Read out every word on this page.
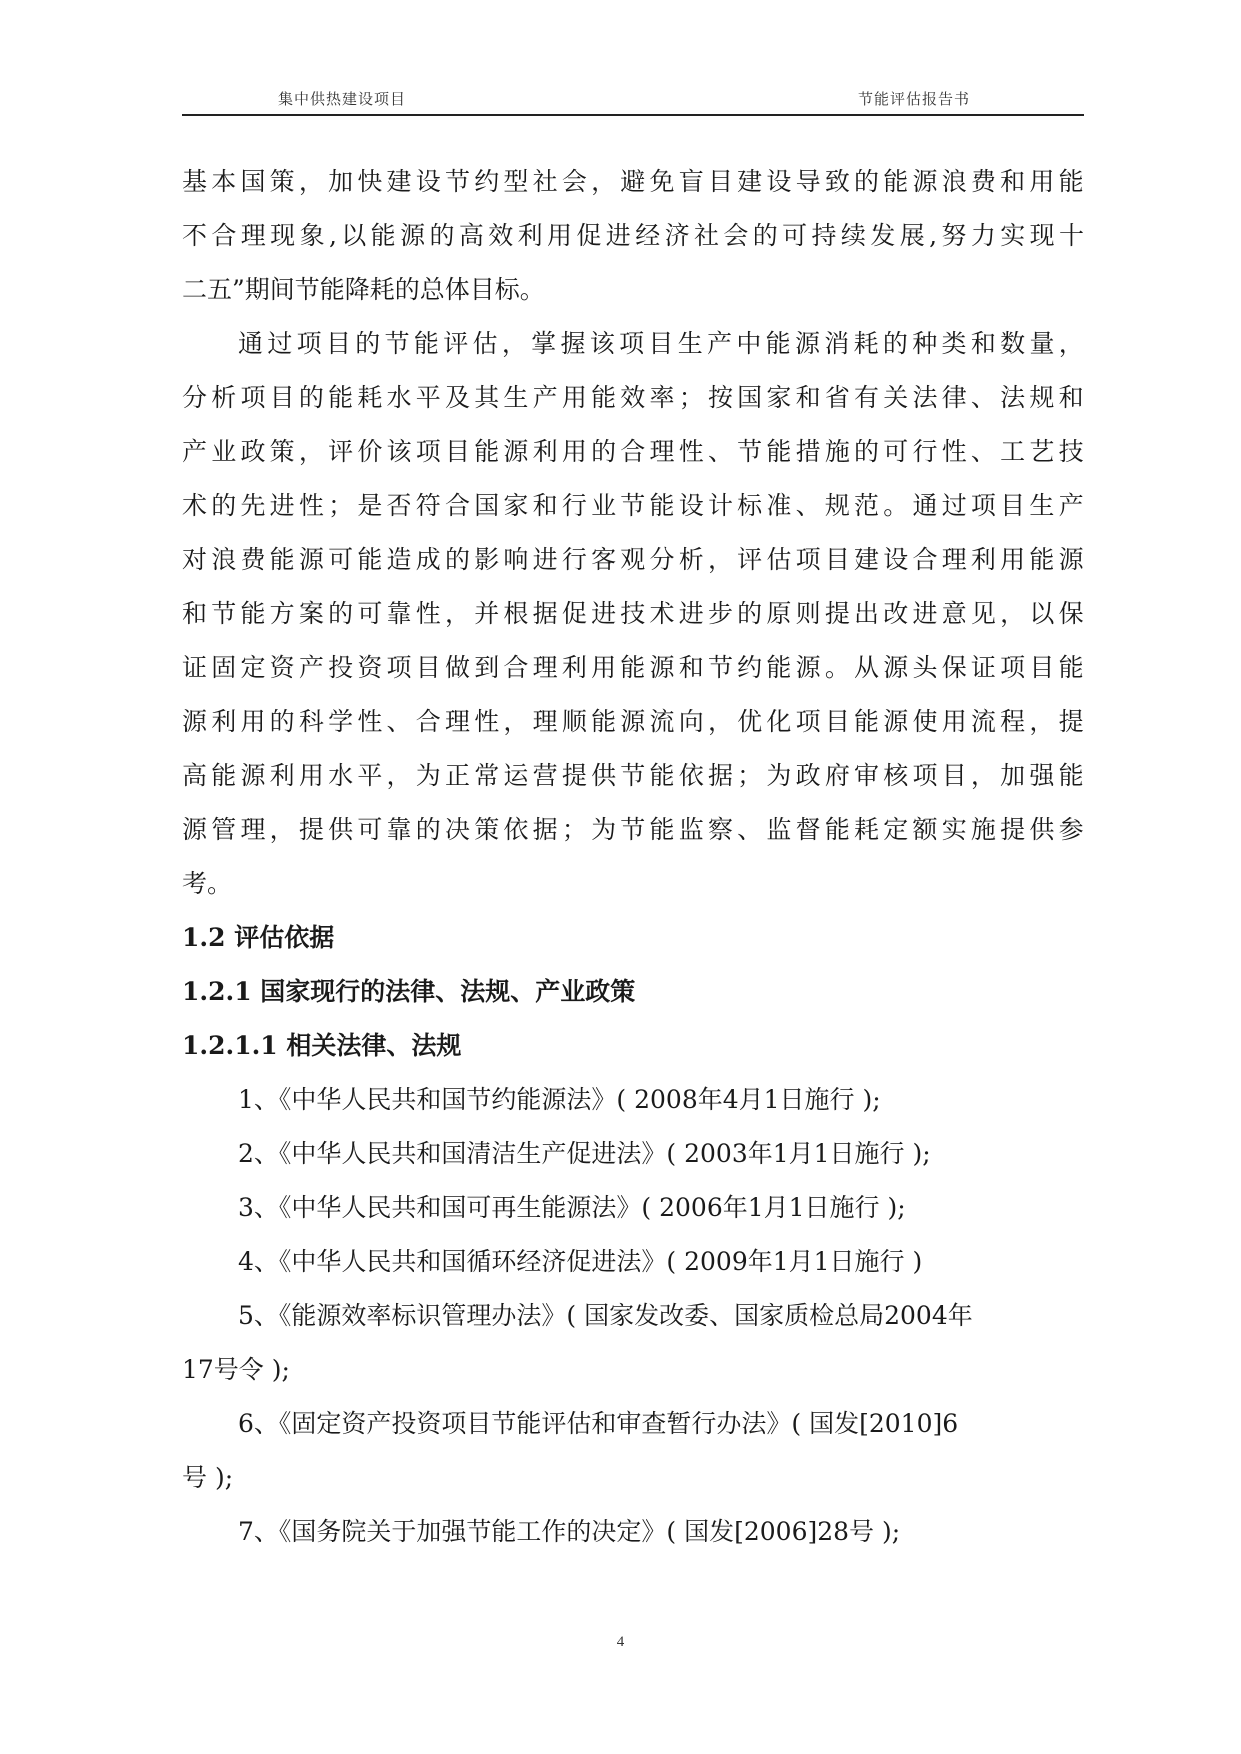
集中供热建设项目	节能评估报告书
基 本 国 策 ， 加 快 建 设 节 约 型 社 会 ， 避 免 盲 目 建 设 导 致 的 能 源 浪 费 和 用 能
不 合 理 现 象 , 以 能 源 的 高 效 利 用 促 进 经 济 社 会 的 可 持 续 发 展 , 努 力 实 现 十
二五”期间节能降耗的总体目标。
通 过 项 目 的 节 能 评 估 ， 掌 握 该 项 目 生 产 中 能 源 消 耗 的 种 类 和 数 量 ，
分 析 项 目 的 能 耗 水 平 及 其 生 产 用 能 效 率 ； 按 国 家 和 省 有 关 法 律 、 法 规 和
产 业 政 策 ， 评 价 该 项 目 能 源 利 用 的 合 理 性 、 节 能 措 施 的 可 行 性 、 工 艺 技
术 的 先 进 性 ； 是 否 符 合 国 家 和 行 业 节 能 设 计 标 准 、 规 范 。 通 过 项 目 生 产
对 浪 费 能 源 可 能 造 成 的 影 响 进 行 客 观 分 析 ， 评 估 项 目 建 设 合 理 利 用 能 源
和 节 能 方 案 的 可 靠 性 ， 并 根 据 促 进 技 术 进 步 的 原 则 提 出 改 进 意 见 ， 以 保
证 固 定 资 产 投 资 项 目 做 到 合 理 利 用 能 源 和 节 约 能 源 。 从 源 头 保 证 项 目 能
源 利 用 的 科 学 性 、 合 理 性 ， 理 顺 能 源 流 向 ， 优 化 项 目 能 源 使 用 流 程 ， 提
高 能 源 利 用 水 平 ， 为 正 常 运 营 提 供 节 能 依 据 ； 为 政 府 审 核 项 目 ， 加 强 能
源 管 理 ， 提 供 可 靠 的 决 策 依 据 ； 为 节 能 监 察 、 监 督 能 耗 定 额 实 施 提 供 参
考。
1.2 评估依据
1.2.1 国家现行的法律、法规、产业政策
1.2.1.1 相关法律、法规
1、《中华人民共和国节约能源法》( 2008年4月1日施行 );
2、《中华人民共和国清洁生产促进法》( 2003年1月1日施行 );
3、《中华人民共和国可再生能源法》( 2006年1月1日施行 );
4、《中华人民共和国循环经济促进法》( 2009年1月1日施行 )
5、《能源效率标识管理办法》( 国家发改委、国家质检总局2004年
17号令 );
6、《固定资产投资项目节能评估和审查暂行办法》( 国发[2010]6
号 );
7、《国务院关于加强节能工作的决定》( 国发[2006]28号 );
4
